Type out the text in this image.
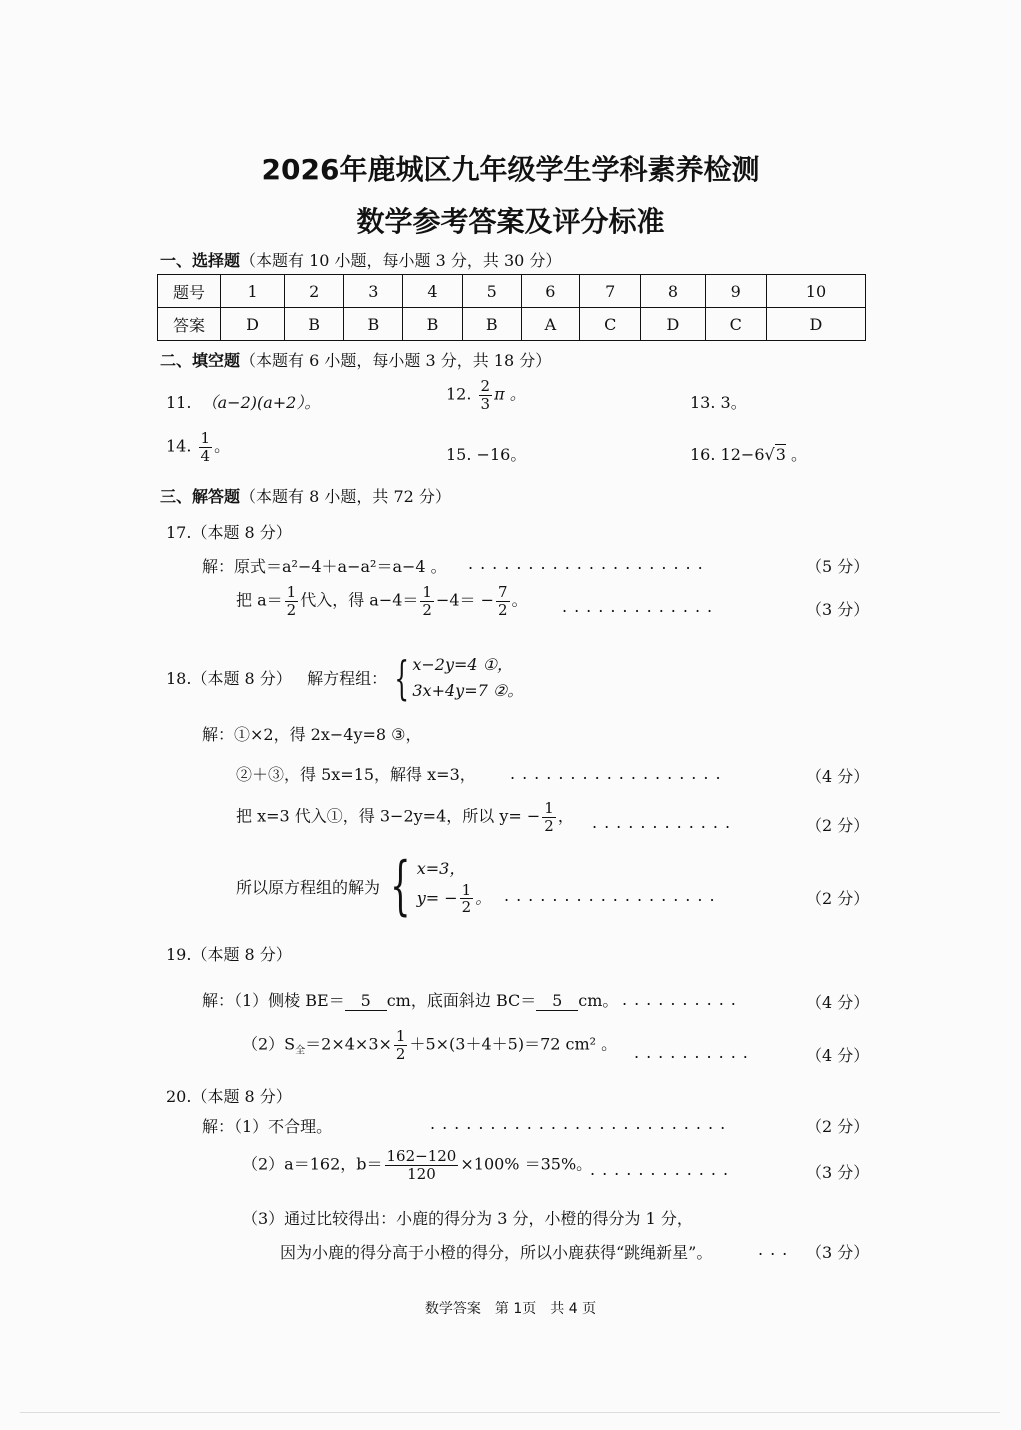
2026年鹿城区九年级学生学科素养检测
数学参考答案及评分标准
一、选择题（本题有 10 小题，每小题 3 分，共 30 分）
题号	1	2	3	4	5	6	7	8	9	10
答案	D	B	B	B	B	A	C	D	C	D
二、填空题（本题有 6 小题，每小题 3 分，共 18 分）
11. （a−2)(a+2）。	12. $\frac{2}{3}$ π 。	13. 3。
14. $\frac{1}{4}$ 。	15. −16。	16. 12−6√3 。
三、解答题（本题有 8 小题，共 72 分）
17.（本题 8 分）
解：原式＝a²−4＋a−a²＝a−4 。 ....................	（5 分）
把 $a= \frac{1}{2}$ 代入，得 $a-4= \frac{1}{2} -4= - \frac{7}{2}$ 。 .............	（3 分）
18.（本题 8 分） 解方程组： { x−2y=4 ①，
3x+4y=7 ②。
解：①×2，得 2x−4y=8 ③，
②＋③，得 5x=15，解得 x=3， ..................	（4 分）
把 x=3 代入①，得 3−2y=4，所以 $y= - \frac{1}{2}$ ， ............	（2 分）
所以原方程组的解为 { x=3，
$y= - \frac{1}{2}$ 。 ..................	（2 分）
19.（本题 8 分）
解：（1）侧棱 BE＝ 5 cm，底面斜边 BC＝ 5 cm。 ..........	（4 分）
$(2)S_全=2\times 4\times 3\times \frac{1}{2} +5\times(3+4+5)=72$ cm² 。 ..........	（4 分）
20.（本题 8 分）
解：（1）不合理。	.........................	（2 分）
（2）a＝162，$b= \frac{162-120}{120} \times 100\% =35\%$。
............	（3 分）
（3）通过比较得出：小鹿的得分为 3 分，小橙的得分为 1 分，
因为小鹿的得分高于小橙的得分，所以小鹿获得“跳绳新星”。	... （3 分）
数学答案　第 1页　共 4 页
